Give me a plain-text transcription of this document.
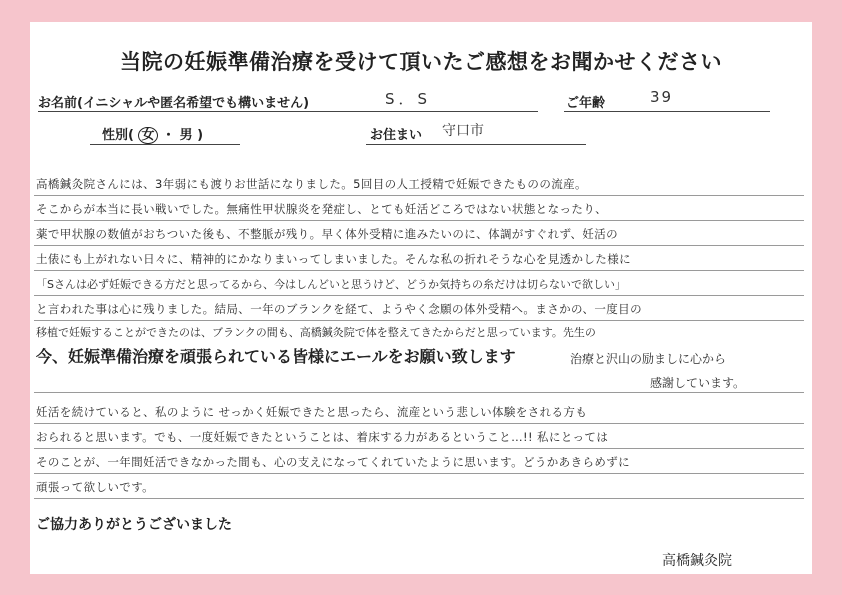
当院の妊娠準備治療を受けて頂いたご感想をお聞かせください
お名前(イニシャルや匿名希望でも構いません)	S．S	ご年齢	39
性別( 女 ・ 男 )	お住まい 守口市
高橋鍼灸院さんには、3年弱にも渡りお世話になりました。5回目の人工授精で妊娠できたものの流産。
そこからが本当に長い戦いでした。無痛性甲状腺炎を発症し、とても妊活どころではない状態となったり、
薬で甲状腺の数値がおちついた後も、不整脈が残り。早く体外受精に進みたいのに、体調がすぐれず、妊活の
土俵にも上がれない日々に、精神的にかなりまいってしまいました。そんな私の折れそうな心を見透かした様に
「Sさんは必ず妊娠できる方だと思ってるから、今はしんどいと思うけど、どうか気持ちの糸だけは切らないで欲しい」
と言われた事は心に残りました。結局、一年のブランクを経て、ようやく念願の体外受精へ。まさかの、一度目の
移植で妊娠することができたのは、ブランクの間も、高橋鍼灸院で体を整えてきたからだと思っています。先生の
今、妊娠準備治療を頑張られている皆様にエールをお願い致します	治療と沢山の励ましに心から
感謝しています。
妊活を続けていると、私のように せっかく妊娠できたと思ったら、流産という悲しい体験をされる方も
おられると思います。でも、一度妊娠できたということは、着床する力があるということ…!! 私にとっては
そのことが、一年間妊活できなかった間も、心の支えになってくれていたように思います。どうかあきらめずに
頑張って欲しいです。
ご協力ありがとうございました
高橋鍼灸院
